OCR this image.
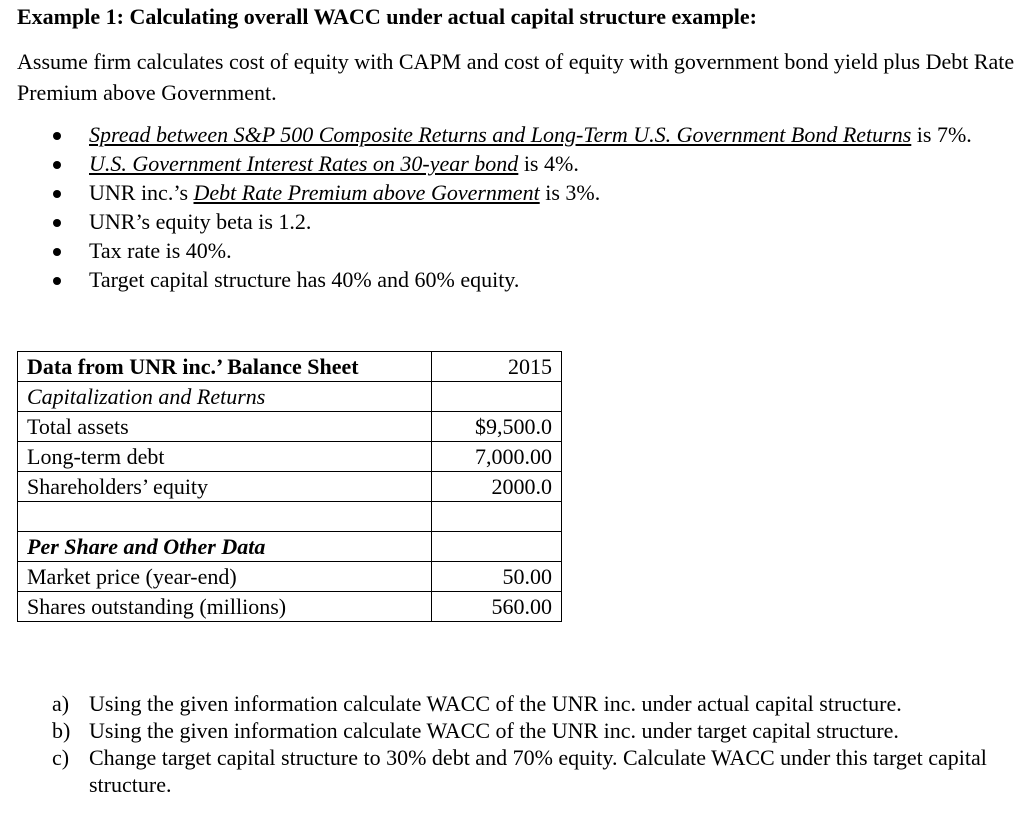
Example 1: Calculating overall WACC under actual capital structure example:
Assume firm calculates cost of equity with CAPM and cost of equity with government bond yield plus Debt Rate Premium above Government.
Spread between S&P 500 Composite Returns and Long-Term U.S. Government Bond Returns is 7%.
U.S. Government Interest Rates on 30-year bond is 4%.
UNR inc.’s Debt Rate Premium above Government is 3%.
UNR’s equity beta is 1.2.
Tax rate is 40%.
Target capital structure has 40% and 60% equity.
Data from UNR inc.’ Balance Sheet	2015
Capitalization and Returns	
Total assets	$9,500.0
Long-term debt	7,000.00
Shareholders’ equity	2000.0

Per Share and Other Data	
Market price (year-end)	50.00
Shares outstanding (millions)	560.00
a) Using the given information calculate WACC of the UNR inc. under actual capital structure.
b) Using the given information calculate WACC of the UNR inc. under target capital structure.
c) Change target capital structure to 30% debt and 70% equity. Calculate WACC under this target capital structure.
